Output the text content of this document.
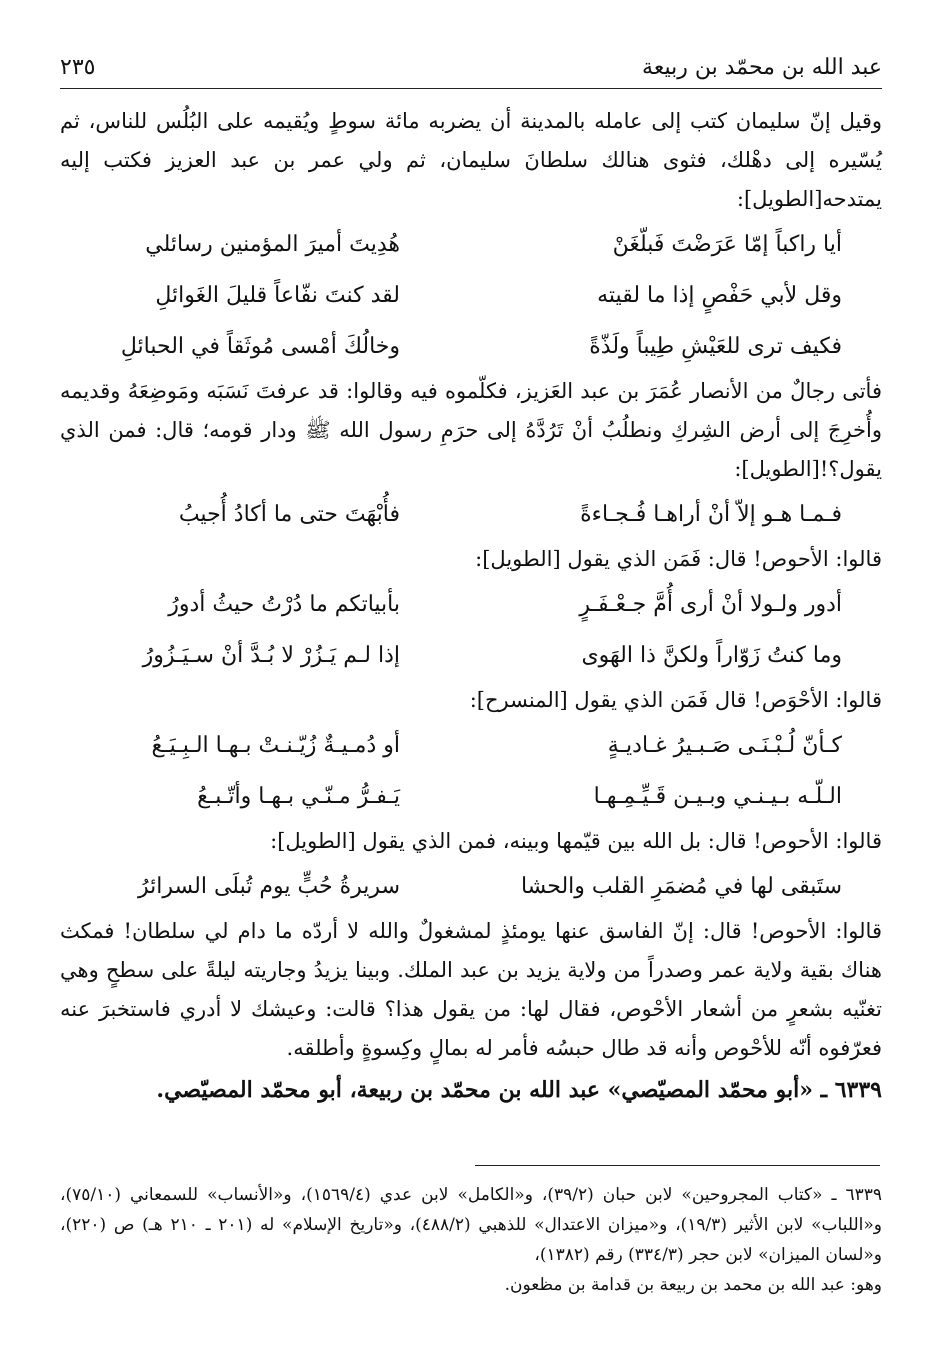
عبد الله بن محمّد بن ربيعة
٢٣٥

وقيل إنّ سليمان كتب إلى عامله بالمدينة أن يضربه مائة سوطٍ ويُقيمه على البُلُس للناس، ثم يُسّيره إلى دهْلك، فثوى هنالك سلطانَ سليمان، ثم ولي عمر بن عبد العزيز فكتب إليه يمتدحه[الطويل]:

أيا راكباً إمّا عَرَضْتَ فَبلّغَنْ
هُدِيتَ أميرَ المؤمنين رسائلي
وقل لأبي حَفْصٍ إذا ما لقيته
لقد كنتَ نفّاعاً قليلَ الغَوائلِ
فكيف ترى للعَيْشِ طِيباً ولَذّةً
وخالُكَ أمْسى مُوثَقاً في الحبائلِ

فأتى رجالٌ من الأنصار عُمَرَ بن عبد العَزيز، فكلّموه فيه وقالوا: قد عرفتَ نَسَبَه ومَوضِعَهُ وقديمه وأُخرِجَ إلى أرض الشِركِ ونطلُبُ أنْ تَرُدَّهُ إلى حرَمِ رسول الله ﷺ ودار قومه؛ قال: فمن الذي يقول؟![الطويل]:

فـمـا هـو إلاّ أنْ أراهـا فُـجـاءةً
فأُبْهَتَ حتى ما أكادُ أُجيبُ

قالوا: الأحوص! قال: فَمَن الذي يقول [الطويل]:

أدور ولـولا أنْ أرى أُمَّ جـعْـفَـرٍ
بأبياتكم ما دُرْتُ حيثُ أدورُ
وما كنتُ زَوّاراً ولكنَّ ذا الهَوى
إذا لـم يَـزُرْ لا بُـدَّ أنْ سـيَـزُورُ

قالوا: الأحْوَص! قال فَمَن الذي يقول [المنسرح]:

كـأنّ لُـبْـنَـى صَـبـيرُ غـاديـةٍ
أو دُمـيـةٌ زُيّـنـتْ بـهـا الـبِـيَـعُ
الـلّـه بـيـنـي وبـيـن قَـيِّـمِـهـا
يَـفـرُّ مـنّـي بـهـا وأتّـبـعُ

قالوا: الأحوص! قال: بل الله بين قيّمها وبينه، فمن الذي يقول [الطويل]:

ستَبقى لها في مُضمَرِ القلب والحشا
سريرةُ حُبٍّ يوم تُبلَى السرائرُ

قالوا: الأحوص! قال: إنّ الفاسق عنها يومئذٍ لمشغولٌ والله لا أردّه ما دام لي سلطان! فمكث هناك بقية ولاية عمر وصدراً من ولاية يزيد بن عبد الملك. وبينا يزيدُ وجاريته ليلةً على سطحٍ وهي تغنّيه بشعرٍ من أشعار الأحْوص، فقال لها: من يقول هذا؟ قالت: وعيشك لا أدري فاستخبرَ عنه فعرّفوه أنّه للأحْوص وأنه قد طال حبسُه فأمر له بمالٍ وكِسوةٍ وأطلقه.

٦٣٣٩ ـ «أبو محمّد المصيّصي» عبد الله بن محمّد بن ربيعة، أبو محمّد المصيّصي.

٦٣٣٩ ـ «كتاب المجروحين» لابن حبان (٣٩/٢)، و«الكامل» لابن عدي (١٥٦٩/٤)، و«الأنساب» للسمعاني (٧٥/١٠)، و«اللباب» لابن الأثير (١٩/٣)، و«ميزان الاعتدال» للذهبي (٤٨٨/٢)، و«تاريخ الإسلام» له (٢٠١ ـ ٢١٠ هـ) ص (٢٢٠)، و«لسان الميزان» لابن حجر (٣٣٤/٣) رقم (١٣٨٢)،

وهو: عبد الله بن محمد بن ربيعة بن قدامة بن مظعون.
